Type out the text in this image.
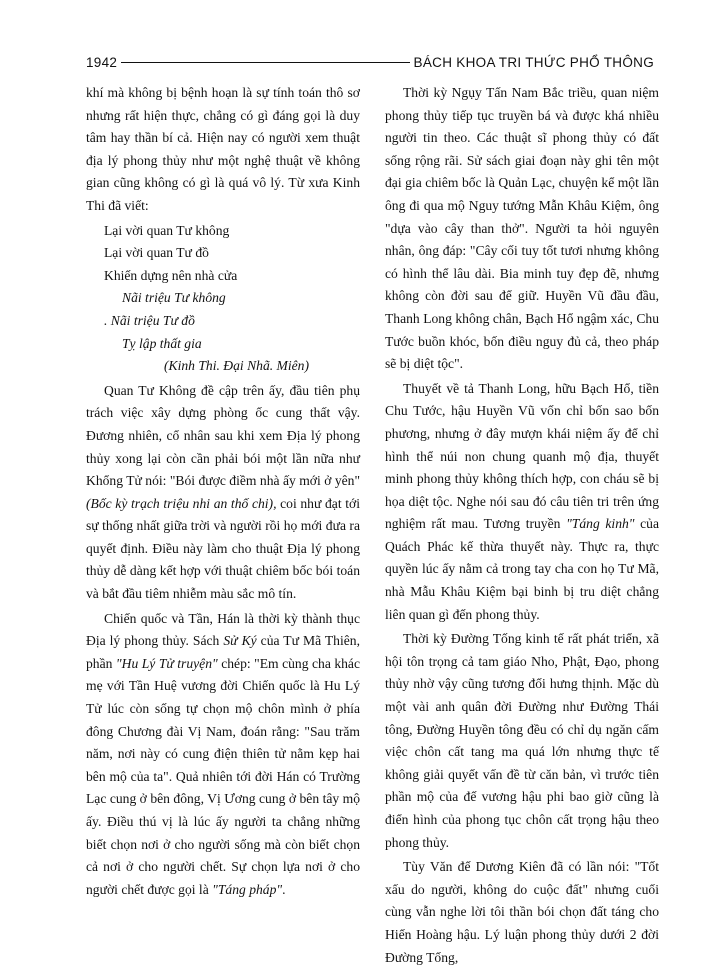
1942	BÁCH KHOA TRI THỨC PHỔ THÔNG

khí mà không bị bệnh hoạn là sự tính toán thô sơ nhưng rất hiện thực, chẳng có gì đáng gọi là duy tâm hay thần bí cả. Hiện nay có người xem thuật địa lý phong thủy như một nghệ thuật về không gian cũng không có gì là quá vô lý. Từ xưa Kinh Thi đã viết:

Lại vời quan Tư không
Lại vời quan Tư đồ
Khiến dựng nên nhà cửa
Nãi triệu Tư không
. Nãi triệu Tư đồ
Tỵ lập thất gia
(Kinh Thi. Đại Nhã. Miên)

Quan Tư Không đề cập trên ấy, đầu tiên phụ trách việc xây dựng phòng ốc cung thất vậy. Đương nhiên, cổ nhân sau khi xem Địa lý phong thủy xong lại còn cần phải bói một lần nữa như Khổng Tử nói: "Bói được điềm nhà ấy mới ở yên" (Bốc kỳ trạch triệu nhi an thố chi), coi như đạt tới sự thống nhất giữa trời và người rồi họ mới đưa ra quyết định. Điều này làm cho thuật Địa lý phong thủy dễ dàng kết hợp với thuật chiêm bốc bói toán và bắt đầu tiêm nhiễm màu sắc mô tín.

Chiến quốc và Tần, Hán là thời kỳ thành thục Địa lý phong thủy. Sách Sử Ký của Tư Mã Thiên, phần "Hu Lý Tử truyện" chép: "Em cùng cha khác mẹ với Tần Huệ vương đời Chiến quốc là Hu Lý Tử lúc còn sống tự chọn mộ chôn mình ở phía đông Chương đài Vị Nam, đoán rằng: "Sau trăm năm, nơi này có cung điện thiên tử nằm kẹp hai bên mộ của ta". Quả nhiên tới đời Hán có Trường Lạc cung ở bên đông, Vị Ương cung ở bên tây mộ ấy. Điều thú vị là lúc ấy người ta chẳng những biết chọn nơi ở cho người sống mà còn biết chọn cả nơi ở cho người chết. Sự chọn lựa nơi ở cho người chết được gọi là "Táng pháp".

Thời kỳ Ngụy Tấn Nam Bắc triều, quan niệm phong thủy tiếp tục truyền bá và được khá nhiều người tin theo. Các thuật sĩ phong thủy có đất sống rộng rãi. Sử sách giai đoạn này ghi tên một đại gia chiêm bốc là Quản Lạc, chuyện kể một lần ông đi qua mộ Nguy tướng Mẫn Khâu Kiệm, ông "dựa vào cây than thở". Người ta hỏi nguyên nhân, ông đáp: "Cây cối tuy tốt tươi nhưng không có hình thể lâu dài. Bia minh tuy đẹp đẽ, nhưng không còn đời sau để giữ. Huyền Vũ đầu đầu, Thanh Long không chân, Bạch Hổ ngậm xác, Chu Tước buồn khóc, bốn điều nguy đủ cả, theo pháp sẽ bị diệt tộc".

Thuyết về tả Thanh Long, hữu Bạch Hổ, tiền Chu Tước, hậu Huyền Vũ vốn chỉ bốn sao bốn phương, nhưng ở đây mượn khái niệm ấy để chỉ hình thể núi non chung quanh mộ địa, thuyết minh phong thủy không thích hợp, con cháu sẽ bị họa diệt tộc. Nghe nói sau đó câu tiên tri trên ứng nghiệm rất mau. Tương truyền "Táng kinh" của Quách Phác kế thừa thuyết này. Thực ra, thực quyền lúc ấy nằm cả trong tay cha con họ Tư Mã, nhà Mẫu Khâu Kiệm bại binh bị tru diệt chẳng liên quan gì đến phong thủy.

Thời kỳ Đường Tống kinh tế rất phát triển, xã hội tôn trọng cả tam giáo Nho, Phật, Đạo, phong thủy nhờ vậy cũng tương đối hưng thịnh. Mặc dù một vài anh quân đời Đường như Đường Thái tông, Đường Huyền tông đều có chỉ dụ ngăn cấm việc chôn cất tang ma quá lớn nhưng thực tế không giải quyết vấn đề từ căn bản, vì trước tiên phần mộ của đế vương hậu phi bao giờ cũng là điển hình của phong tục chôn cất trọng hậu theo phong thủy.

Tùy Văn đế Dương Kiên đã có lần nói: "Tốt xấu do người, không do cuộc đất" nhưng cuối cùng vẫn nghe lời tôi thần bói chọn đất táng cho Hiến Hoàng hậu. Lý luận phong thủy dưới 2 đời Đường Tống,
